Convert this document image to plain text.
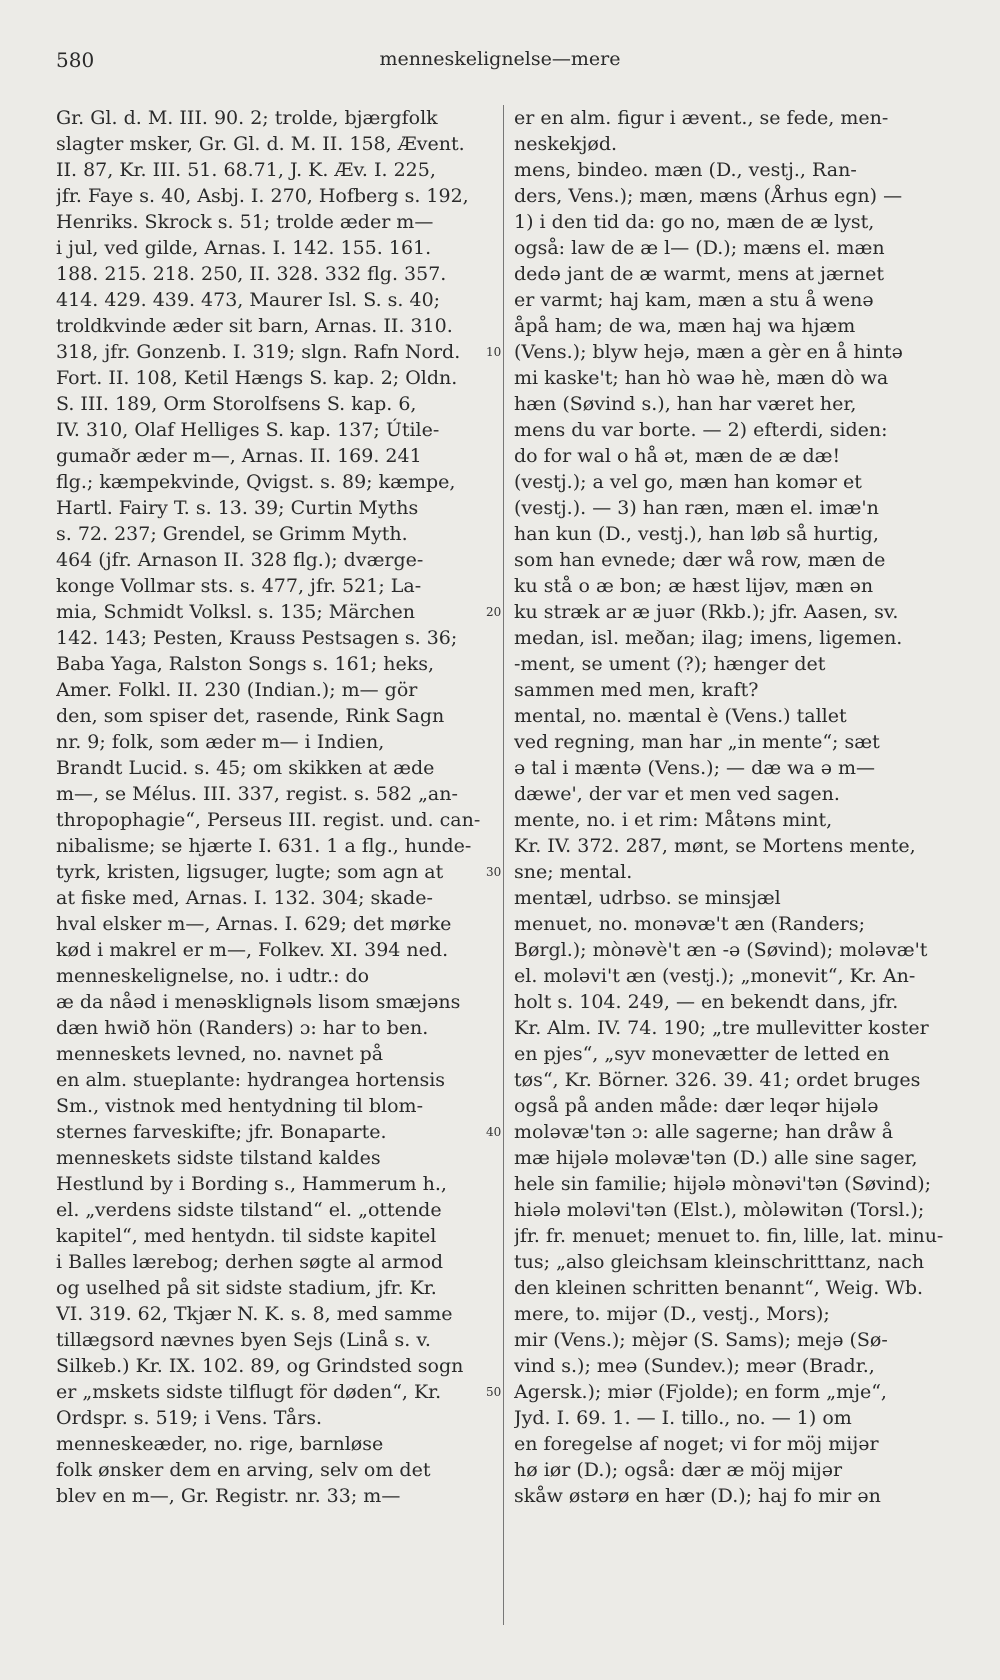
580	menneskelignelse—mere
Gr. Gl. d. M. III. 90. 2; trolde, bjærgfolk
slagter msker, Gr. Gl. d. M. II. 158, Ævent.
II. 87, Kr. III. 51. 68.71, J. K. Æv. I. 225,
jfr. Faye s. 40, Asbj. I. 270, Hofberg s. 192,
Henriks. Skrock s. 51; trolde æder m—
i jul, ved gilde, Arnas. I. 142. 155. 161.
188. 215. 218. 250, II. 328. 332 flg. 357.
414. 429. 439. 473, Maurer Isl. S. s. 40;
troldkvinde æder sit barn, Arnas. II. 310.
318, jfr. Gonzenb. I. 319; slgn. Rafn Nord.
Fort. II. 108, Ketil Hængs S. kap. 2; Oldn.
S. III. 189, Orm Storolfsens S. kap. 6,
IV. 310, Olaf Helliges S. kap. 137; Útile-
gumaðr æder m—, Arnas. II. 169. 241
flg.; kæmpekvinde, Qvigst. s. 89; kæmpe,
Hartl. Fairy T. s. 13. 39; Curtin Myths
s. 72. 237; Grendel, se Grimm Myth.
464 (jfr. Arnason II. 328 flg.); dværge-
konge Vollmar sts. s. 477, jfr. 521; La-
mia, Schmidt Volksl. s. 135; Märchen
142. 143; Pesten, Krauss Pestsagen s. 36;
Baba Yaga, Ralston Songs s. 161; heks,
Amer. Folkl. II. 230 (Indian.); m— gör
den, som spiser det, rasende, Rink Sagn
nr. 9; folk, som æder m— i Indien,
Brandt Lucid. s. 45; om skikken at æde
m—, se Mélus. III. 337, regist. s. 582 „an-
thropophagie“, Perseus III. regist. und. can-
nibalisme; se hjærte I. 631. 1 a flg., hunde-
tyrk, kristen, ligsuger, lugte; som agn at
at fiske med, Arnas. I. 132. 304; skade-
hval elsker m—, Arnas. I. 629; det mørke
kød i makrel er m—, Folkev. XI. 394 ned.
menneskelignelse, no. i udtr.: do
æ da nåəd i menəsklignəls lisom smæjəns
dæn hwið hön (Randers) ɔ: har to ben.
menneskets levned, no. navnet på
en alm. stueplante: hydrangea hortensis
Sm., vistnok med hentydning til blom-
sternes farveskifte; jfr. Bonaparte.
menneskets sidste tilstand kaldes
Hestlund by i Bording s., Hammerum h.,
el. „verdens sidste tilstand“ el. „ottende
kapitel“, med hentydn. til sidste kapitel
i Balles lærebog; derhen søgte al armod
og uselhed på sit sidste stadium, jfr. Kr.
VI. 319. 62, Tkjær N. K. s. 8, med samme
tillægsord nævnes byen Sejs (Linå s. v.
Silkeb.) Kr. IX. 102. 89, og Grindsted sogn
er „mskets sidste tilflugt för døden“, Kr.
Ordspr. s. 519; i Vens. Tårs.
menneskeæder, no. rige, barnløse
folk ønsker dem en arving, selv om det
blev en m—, Gr. Registr. nr. 33; m—
er en alm. figur i ævent., se fede, men-
neskekjød.
mens, bindeo. mæn (D., vestj., Ran-
ders, Vens.); mæn, mæns (Århus egn) —
1) i den tid da: go no, mæn de æ lyst,
også: law de æ l— (D.); mæns el. mæn
dedə jant de æ warmt, mens at jærnet
er varmt; haj kam, mæn a stu å wenə
åpå ham; de wa, mæn haj wa hjæm
(Vens.); blyw hejə, mæn a gèr en å hintə
mi kaske't; han hò waə hè, mæn dò wa
hæn (Søvind s.), han har været her,
mens du var borte. — 2) efterdi, siden:
do for wal o hå ət, mæn de æ dæ!
(vestj.); a vel go, mæn han komər et
(vestj.). — 3) han ræn, mæn el. imæ'n
han kun (D., vestj.), han løb så hurtig,
som han evnede; dær wå row, mæn de
ku stå o æ bon; æ hæst lijəv, mæn ən
ku stræk ar æ juər (Rkb.); jfr. Aasen, sv.
medan, isl. meðan; ilag; imens, ligemen.
-ment, se ument (?); hænger det
sammen med men, kraft?
mental, no. mæntal è (Vens.) tallet
ved regning, man har „in mente“; sæt
ə tal i mæntə (Vens.); — dæ wa ə m—
dæwe', der var et men ved sagen.
mente, no. i et rim: Måtəns mint,
Kr. IV. 372. 287, mønt, se Mortens mente,
sne; mental.
mentæl, udrbso. se minsjæl
menuet, no. monəvæ't æn (Randers;
Børgl.); mònəvè't æn -ə (Søvind); moləvæ't
el. moləvi't æn (vestj.); „monevit“, Kr. An-
holt s. 104. 249, — en bekendt dans, jfr.
Kr. Alm. IV. 74. 190; „tre mullevitter koster
en pjes“, „syv monevætter de letted en
tøs“, Kr. Börner. 326. 39. 41; ordet bruges
også på anden måde: dær leqər hijələ
moləvæ'tən ɔ: alle sagerne; han dråw å
mæ hijələ moləvæ'tən (D.) alle sine sager,
hele sin familie; hijələ mònəvi'tən (Søvind);
hiələ moləvi'tən (Elst.), mòləwitən (Torsl.);
jfr. fr. menuet; menuet to. fin, lille, lat. minu-
tus; „also gleichsam kleinschritttanz, nach
den kleinen schritten benannt“, Weig. Wb.
mere, to. mijər (D., vestj., Mors);
mir (Vens.); mèjər (S. Sams); mejə (Sø-
vind s.); meə (Sundev.); meər (Bradr.,
Agersk.); miər (Fjolde); en form „mje“,
Jyd. I. 69. 1. — I. tillo., no. — 1) om
en foregelse af noget; vi for möj mijər
hø iør (D.); også: dær æ möj mijər
skåw østərø en hær (D.); haj fo mir ən
10
20
30
40
50
